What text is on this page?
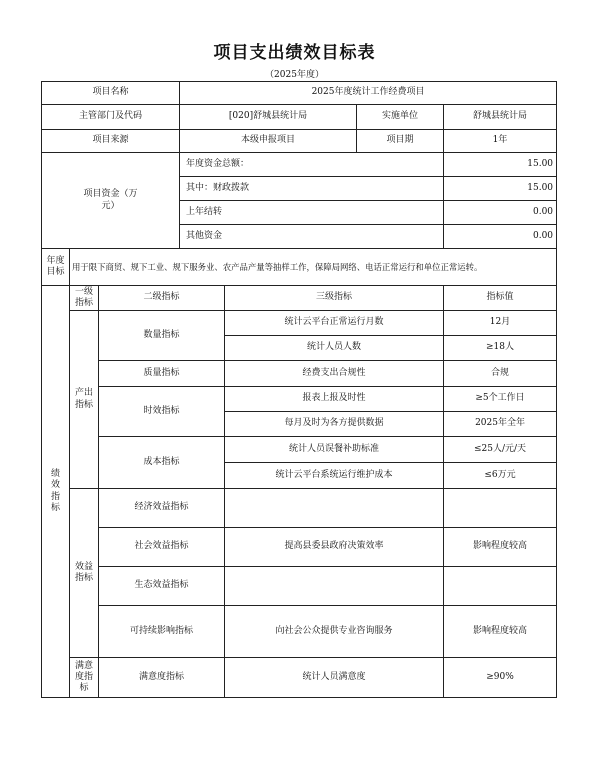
项目支出绩效目标表
（2025年度）
项目名称			2025年度统计工作经费项目			
主管部门及代码			[020]舒城县统计局		实施单位	舒城县统计局
项目来源			本级申报项目		项目期	1年

项目资金（万元）			年度资金总额：			15.00
			其中：财政拨款			15.00
			上年结转			0.00
			其他资金			0.00

年度目标	用于限下商贸、规下工业、规下服务业、农产品产量等抽样工作，保障局网络、电话正常运行和单位正常运转。					

绩效指标	一级指标	二级指标		三级指标		指标值

	产出指标	数量指标		统计云平台正常运行月数		12月
				统计人员人数		≥18人
		质量指标		经费支出合规性		合规
		时效指标		报表上报及时性		≥5个工作日
				每月及时为各方提供数据		2025年全年
		成本指标		统计人员误餐补助标准		≤25人/元/天
				统计云平台系统运行维护成本		≤6万元

	效益指标	经济效益指标				
		社会效益指标		提高县委县政府决策效率		影响程度较高
		生态效益指标				
		可持续影响指标		向社会公众提供专业咨询服务		影响程度较高

	满意度指标	满意度指标		统计人员满意度		≥90%
